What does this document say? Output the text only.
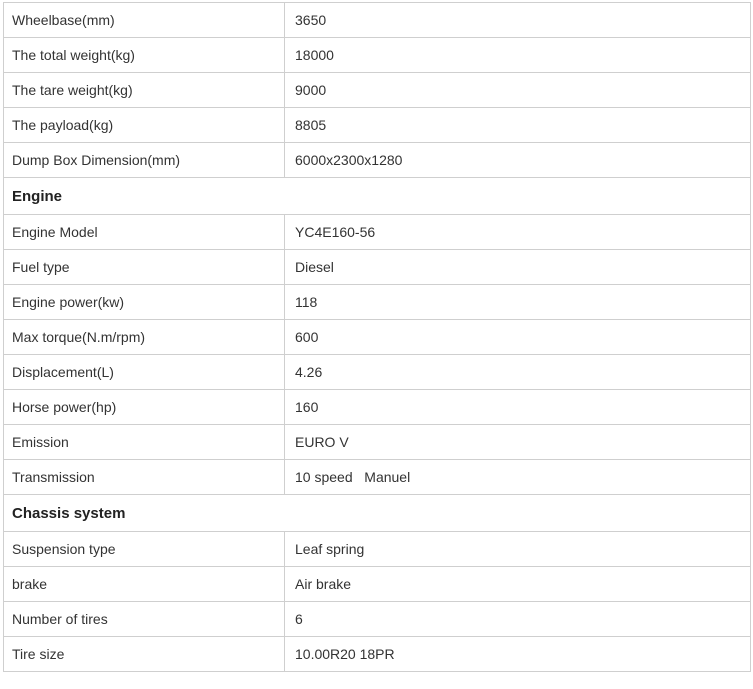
Wheelbase(mm)	3650
The total weight(kg)	18000
The tare weight(kg)	9000
The payload(kg)	8805
Dump Box Dimension(mm)	6000x2300x1280
Engine	
Engine Model	YC4E160-56
Fuel type	Diesel
Engine power(kw)	118
Max torque(N.m/rpm)	600
Displacement(L)	4.26
Horse power(hp)	160
Emission	EURO V
Transmission	10 speed   Manuel
Chassis system	
Suspension type	Leaf spring
brake	Air brake
Number of tires	6
Tire size	10.00R20 18PR
